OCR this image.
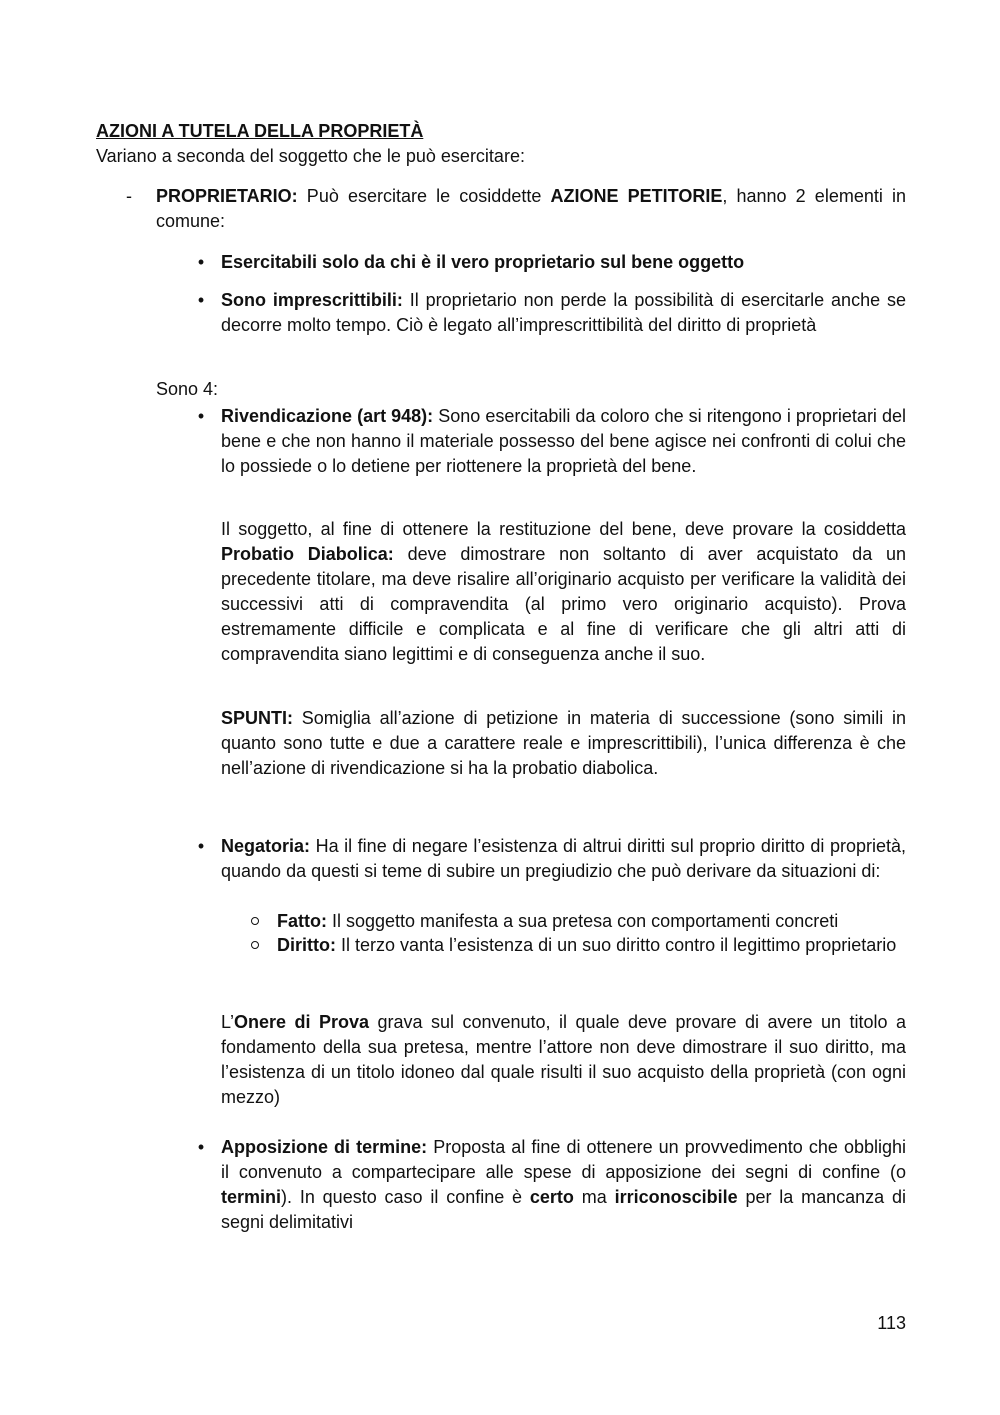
AZIONI A TUTELA DELLA PROPRIETÀ
Variano a seconda del soggetto che le può esercitare:
- PROPRIETARIO: Può esercitare le cosiddette AZIONE PETITORIE, hanno 2 elementi in comune:
• Esercitabili solo da chi è il vero proprietario sul bene oggetto
• Sono imprescrittibili: Il proprietario non perde la possibilità di esercitarle anche se decorre molto tempo. Ciò è legato all’imprescrittibilità del diritto di proprietà
Sono 4:
• Rivendicazione (art 948): Sono esercitabili da coloro che si ritengono i proprietari del bene e che non hanno il materiale possesso del bene agisce nei confronti di colui che lo possiede o lo detiene per riottenere la proprietà del bene.
Il soggetto, al fine di ottenere la restituzione del bene, deve provare la cosiddetta Probatio Diabolica: deve dimostrare non soltanto di aver acquistato da un precedente titolare, ma deve risalire all’originario acquisto per verificare la validità dei successivi atti di compravendita (al primo vero originario acquisto). Prova estremamente difficile e complicata e al fine di verificare che gli altri atti di compravendita siano legittimi e di conseguenza anche il suo.
SPUNTI: Somiglia all’azione di petizione in materia di successione (sono simili in quanto sono tutte e due a carattere reale e imprescrittibili), l’unica differenza è che nell’azione di rivendicazione si ha la probatio diabolica.
• Negatoria: Ha il fine di negare l’esistenza di altrui diritti sul proprio diritto di proprietà, quando da questi si teme di subire un pregiudizio che può derivare da situazioni di:
Fatto: Il soggetto manifesta a sua pretesa con comportamenti concreti
Diritto: Il terzo vanta l’esistenza di un suo diritto contro il legittimo proprietario
L’Onere di Prova grava sul convenuto, il quale deve provare di avere un titolo a fondamento della sua pretesa, mentre l’attore non deve dimostrare il suo diritto, ma l’esistenza di un titolo idoneo dal quale risulti il suo acquisto della proprietà (con ogni mezzo)
• Apposizione di termine: Proposta al fine di ottenere un provvedimento che obblighi il convenuto a compartecipare alle spese di apposizione dei segni di confine (o termini). In questo caso il confine è certo ma irriconoscibile per la mancanza di segni delimitativi
113
